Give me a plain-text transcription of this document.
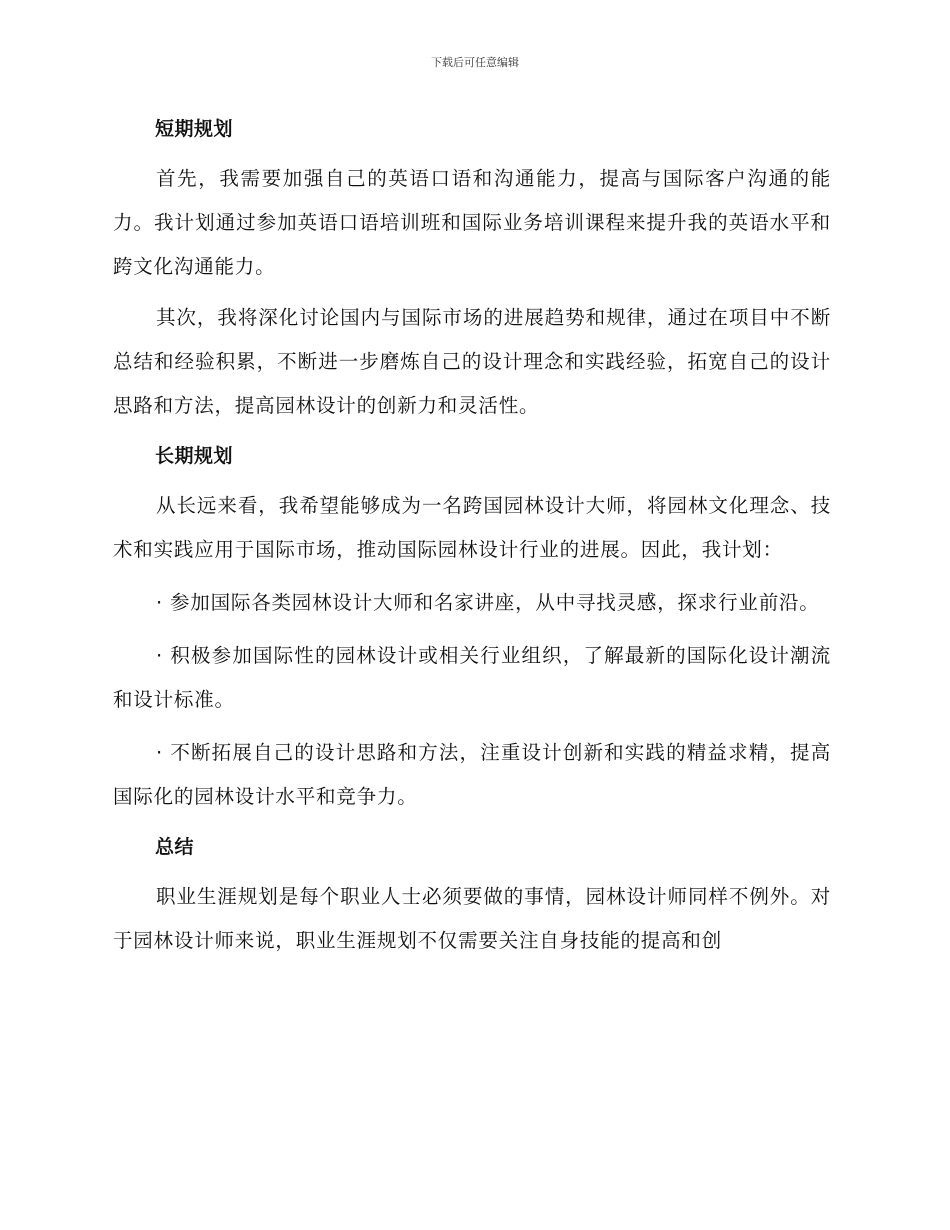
下载后可任意编辑
短期规划

首先，我需要加强自己的英语口语和沟通能力，提高与国际客户沟通的能力。我计划通过参加英语口语培训班和国际业务培训课程来提升我的英语水平和跨文化沟通能力。

其次，我将深化讨论国内与国际市场的进展趋势和规律，通过在项目中不断总结和经验积累，不断进一步磨炼自己的设计理念和实践经验，拓宽自己的设计思路和方法，提高园林设计的创新力和灵活性。

长期规划

从长远来看，我希望能够成为一名跨国园林设计大师，将园林文化理念、技术和实践应用于国际市场，推动国际园林设计行业的进展。因此，我计划：

· 参加国际各类园林设计大师和名家讲座，从中寻找灵感，探求行业前沿。

· 积极参加国际性的园林设计或相关行业组织，了解最新的国际化设计潮流和设计标准。

· 不断拓展自己的设计思路和方法，注重设计创新和实践的精益求精，提高国际化的园林设计水平和竞争力。

总结

职业生涯规划是每个职业人士必须要做的事情，园林设计师同样不例外。对于园林设计师来说，职业生涯规划不仅需要关注自身技能的提高和创
